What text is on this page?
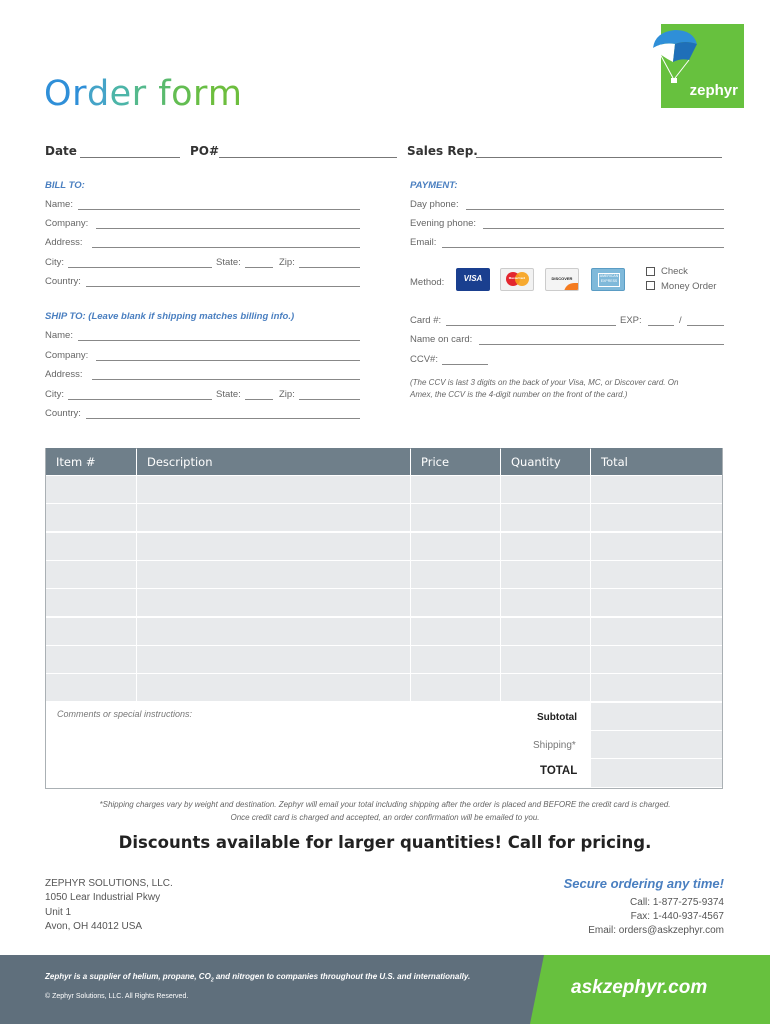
Order form	zephyr
Date	PO#	Sales Rep.
BILL TO:
Name:
Company:
Address:
City:	State:	Zip:
Country:
SHIP TO: (Leave blank if shipping matches billing info.)
Name:
Company:
Address:
City:	State:	Zip:
Country:
PAYMENT:
Day phone:
Evening phone:
Email:
Method:	VISA	MasterCard	DISCOVER	AMERICAN EXPRESS
Check
Money Order
Card #:	EXP:	/
Name on card:
CCV#:
(The CCV is last 3 digits on the back of your Visa, MC, or Discover card. On
Amex, the CCV is the 4-digit number on the front of the card.)
Item #	Description	Price	Quantity	Total
Comments or special instructions:	Subtotal
Shipping*
TOTAL
*Shipping charges vary by weight and destination. Zephyr will email your total including shipping after the order is placed and BEFORE the credit card is charged.
Once credit card is charged and accepted, an order confirmation will be emailed to you.
Discounts available for larger quantities! Call for pricing.
ZEPHYR SOLUTIONS, LLC.
1050 Lear Industrial Pkwy
Unit 1
Avon, OH 44012 USA
Secure ordering any time!
Call: 1-877-275-9374
Fax: 1-440-937-4567
Email: orders@askzephyr.com
Zephyr is a supplier of helium, propane, $CO_2$ and nitrogen to companies throughout the U.S. and internationally.
© Zephyr Solutions, LLC. All Rights Reserved.	askzephyr.com
